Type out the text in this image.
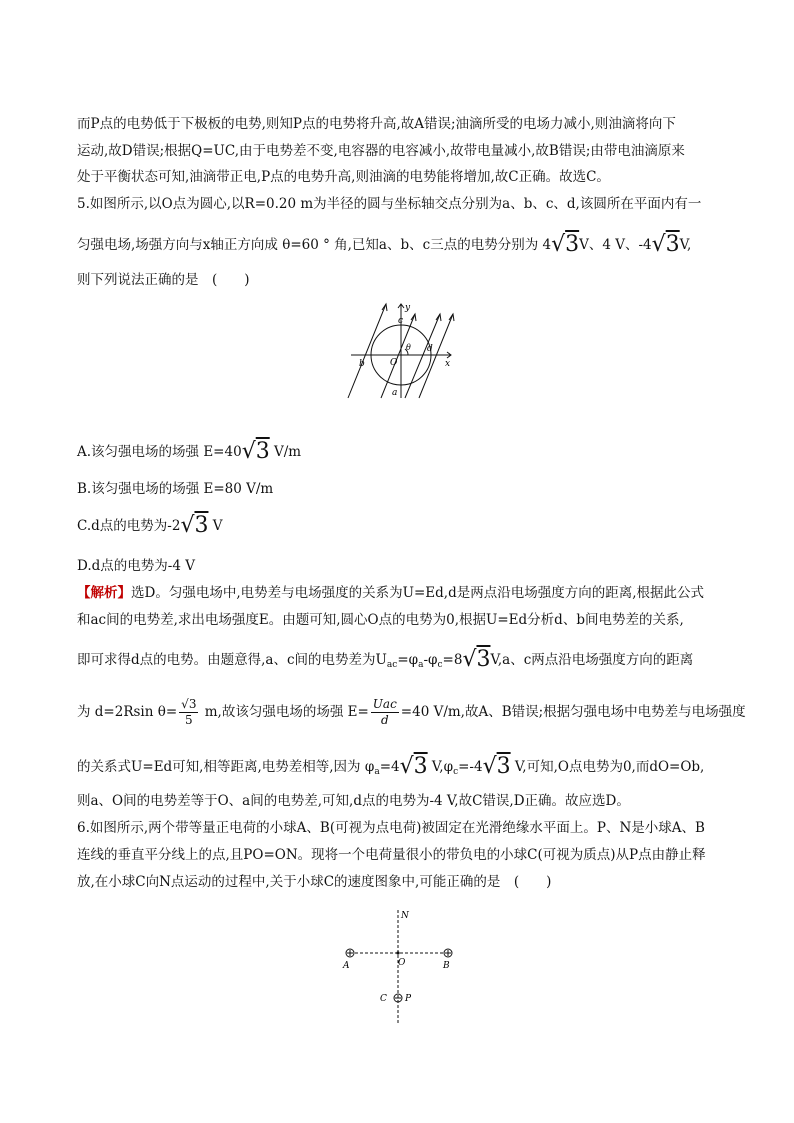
而P点的电势低于下极板的电势,则知P点的电势将升高,故A错误;油滴所受的电场力减小,则油滴将向下
运动,故D错误;根据Q=UC,由于电势差不变,电容器的电容减小,故带电量减小,故B错误;由带电油滴原来
处于平衡状态可知,油滴带正电,P点的电势升高,则油滴的电势能将增加,故C正确。故选C。
5.如图所示,以O点为圆心,以R=0.20 m为半径的圆与坐标轴交点分别为a、b、c、d,该圆所在平面内有一
匀强电场,场强方向与x轴正方向成 θ=60 ° 角,已知a、b、c三点的电势分别为 4√3V、4 V、-4√3V,
则下列说法正确的是　(　　)
y
x
c
θ d
b	O
a
A.该匀强电场的场强 E=40√3 V/m
B.该匀强电场的场强 E=80 V/m
C.d点的电势为-2√3 V
D.d点的电势为-4 V
【解析】选D。匀强电场中,电势差与电场强度的关系为U=Ed,d是两点沿电场强度方向的距离,根据此公式
和ac间的电势差,求出电场强度E。由题可知,圆心O点的电势为0,根据U=Ed分析d、b间电势差的关系,
即可求得d点的电势。由题意得,a、c间的电势差为$U_{ac}=\varphi_a-\varphi_c=8√3V,a$、c两点沿电场强度方向的距离
为 d=2Rsin $\theta= \frac{√3}{5} m$,故该匀强电场的场强 $E= \frac{\text{Uac}}{d} =40$ V/m,故A、B错误;根据匀强电场中电势差与电场强度
的关系式U=Ed可知,相等距离,电势差相等,因为 $\varphi_a=4√3$ $V,\varphi_c=-4√3$ V,可知,O点电势为0,而dO=Ob,
则a、O间的电势差等于O、a间的电势差,可知,d点的电势为-4 V,故C错误,D正确。故应选D。
6.如图所示,两个带等量正电荷的小球A、B(可视为点电荷)被固定在光滑绝缘水平面上。P、N是小球A、B
连线的垂直平分线上的点,且PO=ON。现将一个电荷量很小的带负电的小球C(可视为质点)从P点由静止释
放,在小球C向N点运动的过程中,关于小球C的速度图象中,可能正确的是　(　　)
N
A	O	B
C P
